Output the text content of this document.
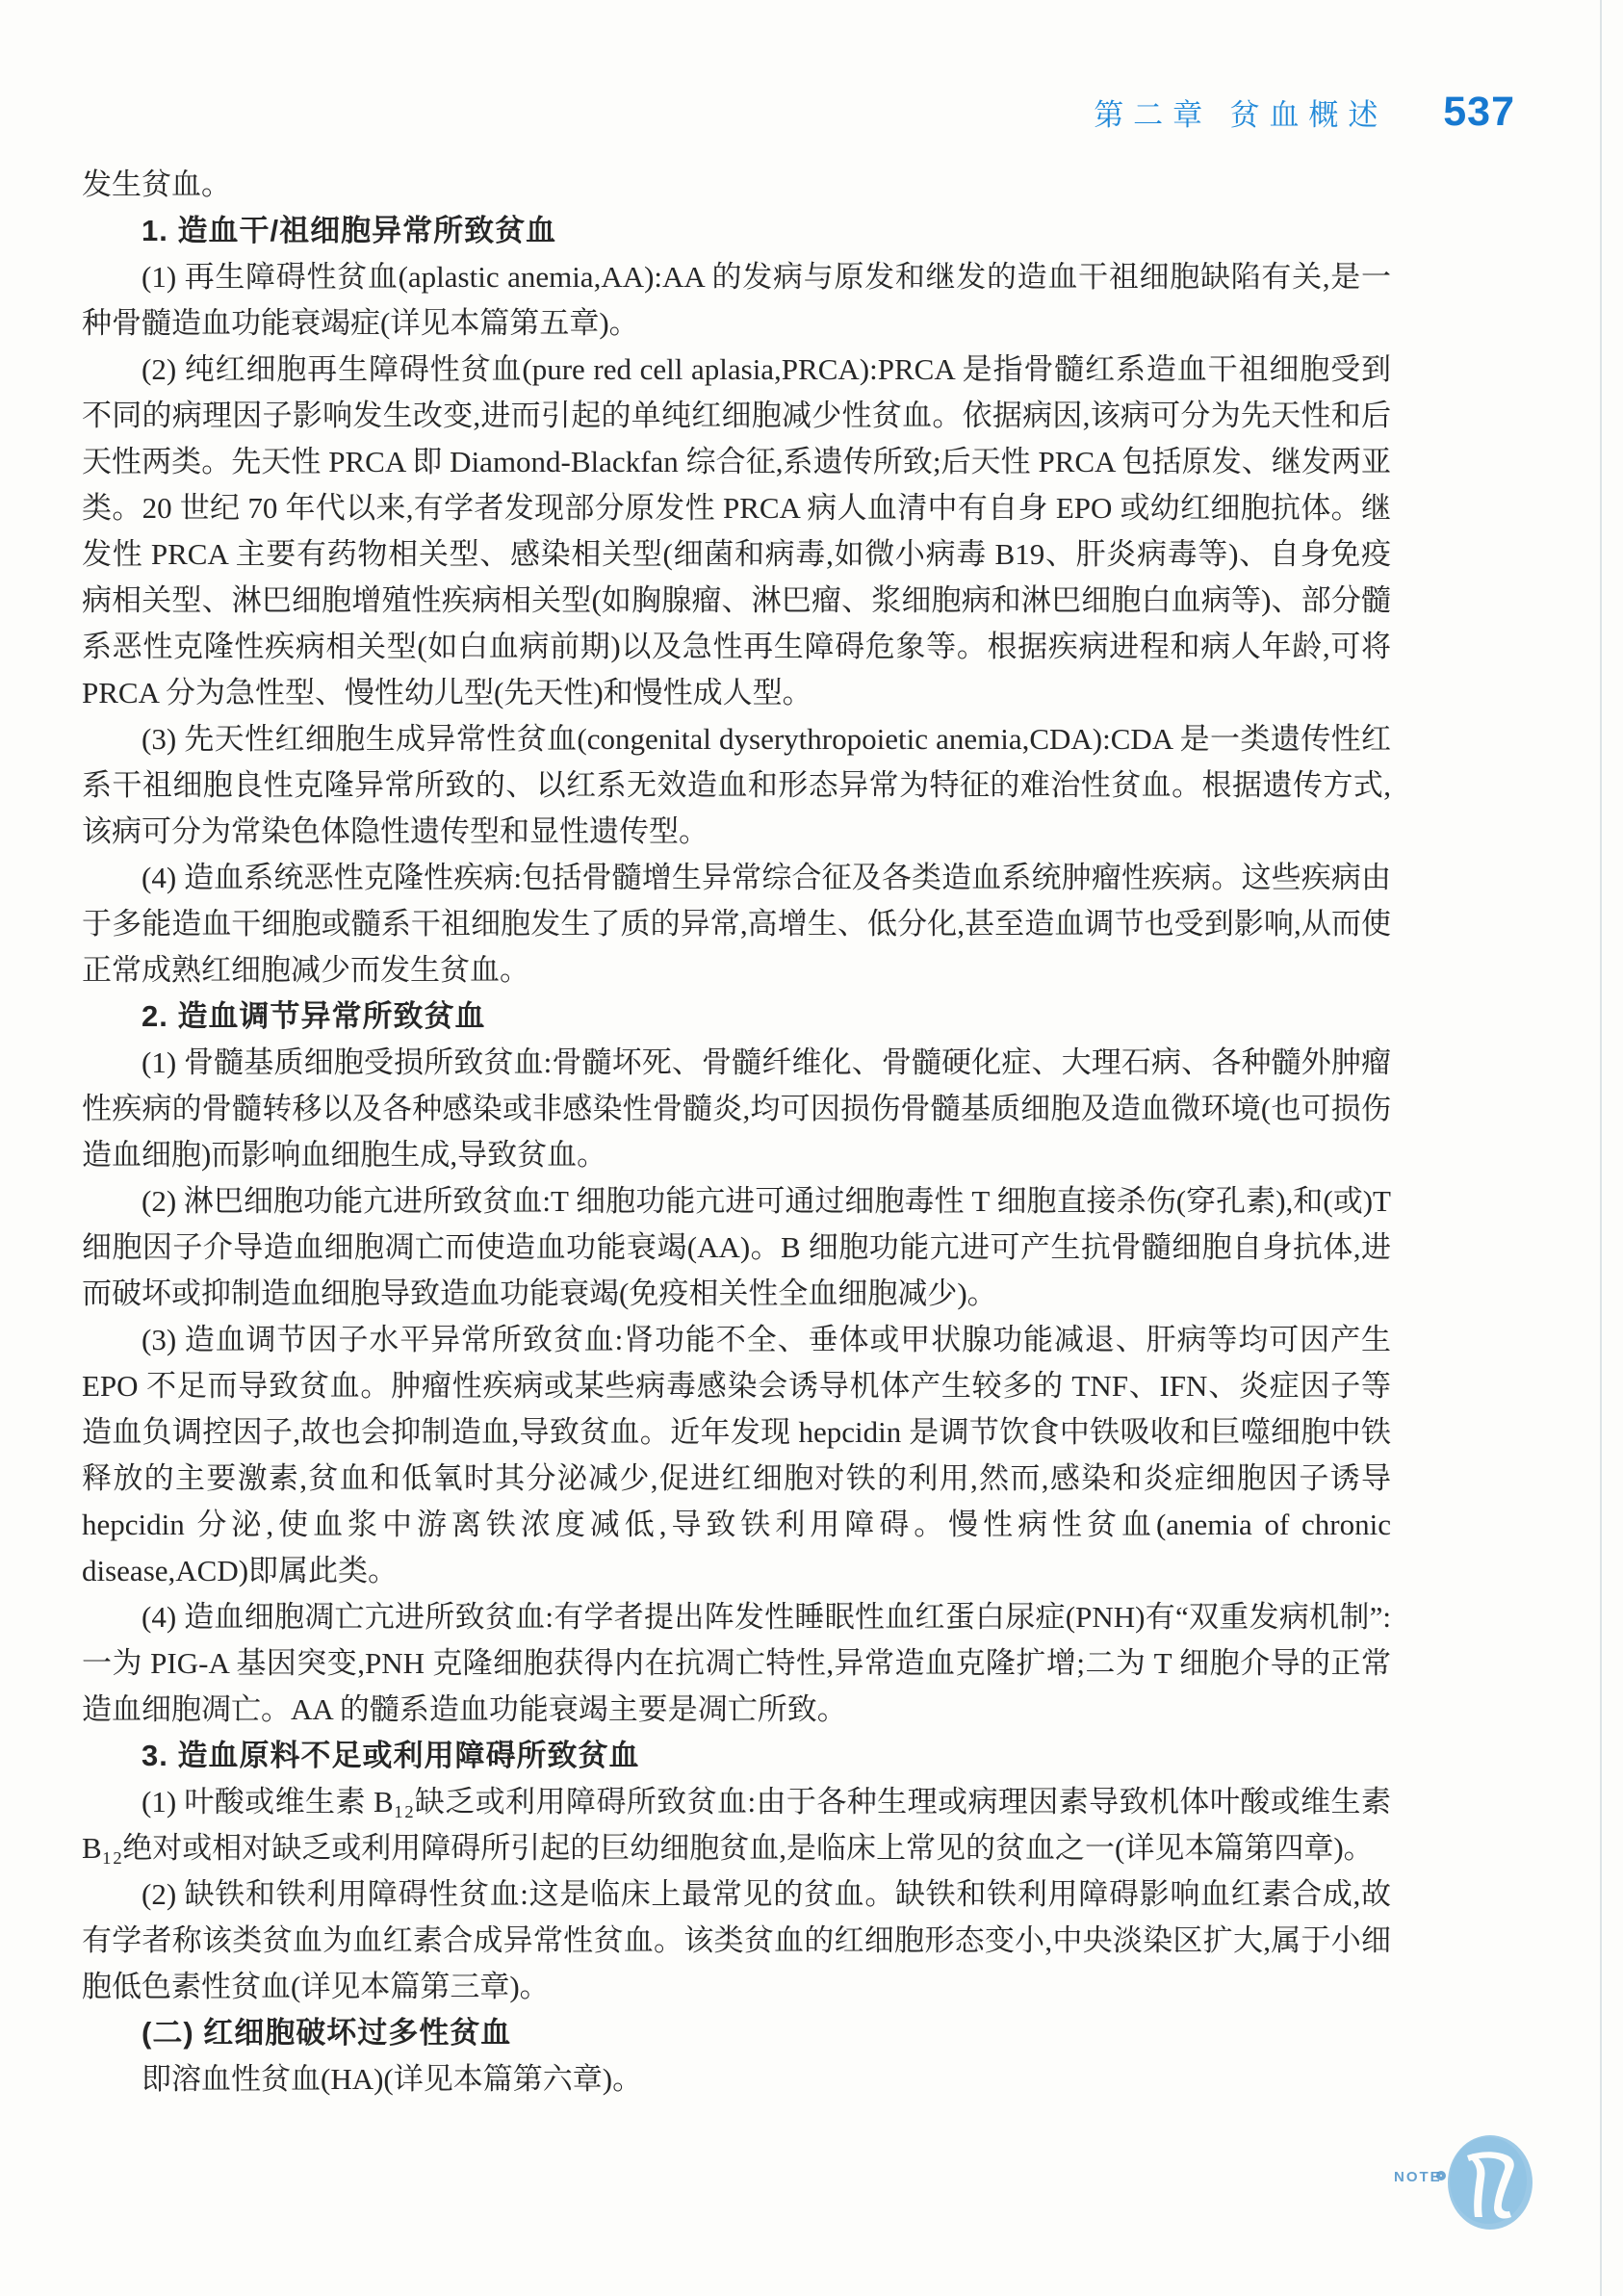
第二章 贫血概述 537
发生贫血。
1. 造血干/祖细胞异常所致贫血
(1) 再生障碍性贫血(aplastic anemia,AA):AA 的发病与原发和继发的造血干祖细胞缺陷有关,是一种骨髓造血功能衰竭症(详见本篇第五章)。
(2) 纯红细胞再生障碍性贫血(pure red cell aplasia,PRCA):PRCA 是指骨髓红系造血干祖细胞受到不同的病理因子影响发生改变,进而引起的单纯红细胞减少性贫血。依据病因,该病可分为先天性和后天性两类。先天性 PRCA 即 Diamond-Blackfan 综合征,系遗传所致;后天性 PRCA 包括原发、继发两亚类。20 世纪 70 年代以来,有学者发现部分原发性 PRCA 病人血清中有自身 EPO 或幼红细胞抗体。继发性 PRCA 主要有药物相关型、感染相关型(细菌和病毒,如微小病毒 B19、肝炎病毒等)、自身免疫病相关型、淋巴细胞增殖性疾病相关型(如胸腺瘤、淋巴瘤、浆细胞病和淋巴细胞白血病等)、部分髓系恶性克隆性疾病相关型(如白血病前期)以及急性再生障碍危象等。根据疾病进程和病人年龄,可将 PRCA 分为急性型、慢性幼儿型(先天性)和慢性成人型。
(3) 先天性红细胞生成异常性贫血(congenital dyserythropoietic anemia,CDA):CDA 是一类遗传性红系干祖细胞良性克隆异常所致的、以红系无效造血和形态异常为特征的难治性贫血。根据遗传方式,该病可分为常染色体隐性遗传型和显性遗传型。
(4) 造血系统恶性克隆性疾病:包括骨髓增生异常综合征及各类造血系统肿瘤性疾病。这些疾病由于多能造血干细胞或髓系干祖细胞发生了质的异常,高增生、低分化,甚至造血调节也受到影响,从而使正常成熟红细胞减少而发生贫血。
2. 造血调节异常所致贫血
(1) 骨髓基质细胞受损所致贫血:骨髓坏死、骨髓纤维化、骨髓硬化症、大理石病、各种髓外肿瘤性疾病的骨髓转移以及各种感染或非感染性骨髓炎,均可因损伤骨髓基质细胞及造血微环境(也可损伤造血细胞)而影响血细胞生成,导致贫血。
(2) 淋巴细胞功能亢进所致贫血:T 细胞功能亢进可通过细胞毒性 T 细胞直接杀伤(穿孔素),和(或)T 细胞因子介导造血细胞凋亡而使造血功能衰竭(AA)。B 细胞功能亢进可产生抗骨髓细胞自身抗体,进而破坏或抑制造血细胞导致造血功能衰竭(免疫相关性全血细胞减少)。
(3) 造血调节因子水平异常所致贫血:肾功能不全、垂体或甲状腺功能减退、肝病等均可因产生 EPO 不足而导致贫血。肿瘤性疾病或某些病毒感染会诱导机体产生较多的 TNF、IFN、炎症因子等造血负调控因子,故也会抑制造血,导致贫血。近年发现 hepcidin 是调节饮食中铁吸收和巨噬细胞中铁释放的主要激素,贫血和低氧时其分泌减少,促进红细胞对铁的利用,然而,感染和炎症细胞因子诱导 hepcidin 分泌,使血浆中游离铁浓度减低,导致铁利用障碍。慢性病性贫血(anemia of chronic disease,ACD)即属此类。
(4) 造血细胞凋亡亢进所致贫血:有学者提出阵发性睡眠性血红蛋白尿症(PNH)有“双重发病机制”:一为 PIG-A 基因突变,PNH 克隆细胞获得内在抗凋亡特性,异常造血克隆扩增;二为 T 细胞介导的正常造血细胞凋亡。AA 的髓系造血功能衰竭主要是凋亡所致。
3. 造血原料不足或利用障碍所致贫血
(1) 叶酸或维生素 B₁₂缺乏或利用障碍所致贫血:由于各种生理或病理因素导致机体叶酸或维生素 B₁₂绝对或相对缺乏或利用障碍所引起的巨幼细胞贫血,是临床上常见的贫血之一(详见本篇第四章)。
(2) 缺铁和铁利用障碍性贫血:这是临床上最常见的贫血。缺铁和铁利用障碍影响血红素合成,故有学者称该类贫血为血红素合成异常性贫血。该类贫血的红细胞形态变小,中央淡染区扩大,属于小细胞低色素性贫血(详见本篇第三章)。
(二) 红细胞破坏过多性贫血
即溶血性贫血(HA)(详见本篇第六章)。
NOTE
